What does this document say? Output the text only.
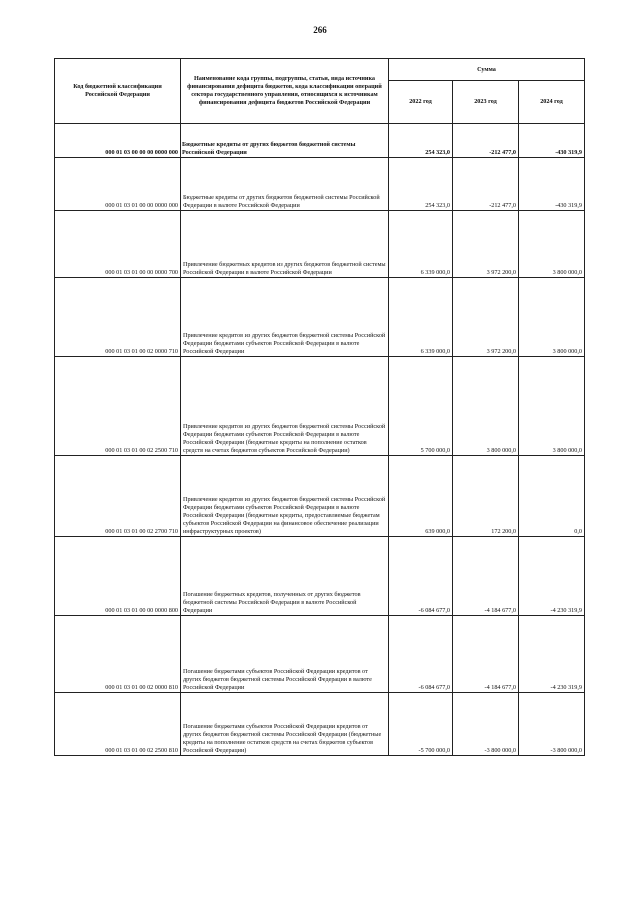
266
Код бюджетной классификации Российской Федерации	Наименование кода группы, подгруппы, статьи, вида источника финансирования дефицита бюджетов, кода классификации операций сектора государственного управления, относящихся к источникам финансирования дефицита бюджетов Российской Федерации	Сумма		
		2022 год	2023 год	2024 год
000 01 03 00 00 00 0000 000	Бюджетные кредиты от других бюджетов бюджетной системы Российской Федерации	254 323,0	-212 477,0	-430 319,9
000 01 03 01 00 00 0000 000	Бюджетные кредиты от других бюджетов бюджетной системы Российской Федерации в валюте Российской Федерации	254 323,0	-212 477,0	-430 319,9
000 01 03 01 00 00 0000 700	Привлечение бюджетных кредитов из других бюджетов бюджетной системы Российской Федерации в валюте Российской Федерации	6 339 000,0	3 972 200,0	3 800 000,0
000 01 03 01 00 02 0000 710	Привлечение кредитов из других бюджетов бюджетной системы Российской Федерации бюджетами субъектов Российской Федерации в валюте Российской Федерации	6 339 000,0	3 972 200,0	3 800 000,0
000 01 03 01 00 02 2500 710	Привлечение кредитов из других бюджетов бюджетной системы Российской Федерации бюджетами субъектов Российской Федерации в валюте Российской Федерации (бюджетные кредиты на пополнение остатков средств на счетах бюджетов субъектов Российской Федерации)	5 700 000,0	3 800 000,0	3 800 000,0
000 01 03 01 00 02 2700 710	Привлечение кредитов из других бюджетов бюджетной системы Российской Федерации бюджетами субъектов Российской Федерации в валюте Российской Федерации (бюджетные кредиты, предоставляемые бюджетам субъектов Российской Федерации на финансовое обеспечение реализации инфраструктурных проектов)	639 000,0	172 200,0	0,0
000 01 03 01 00 00 0000 800	Погашение бюджетных кредитов, полученных от других бюджетов бюджетной системы Российской Федерации в валюте Российской Федерации	-6 084 677,0	-4 184 677,0	-4 230 319,9
000 01 03 01 00 02 0000 810	Погашение бюджетами субъектов Российской Федерации кредитов от других бюджетов бюджетной системы Российской Федерации в валюте Российской Федерации	-6 084 677,0	-4 184 677,0	-4 230 319,9
000 01 03 01 00 02 2500 810	Погашение бюджетами субъектов Российской Федерации кредитов от других бюджетов бюджетной системы Российской Федерации (бюджетные кредиты на пополнение остатков средств на счетах бюджетов субъектов Российской Федерации)	-5 700 000,0	-3 800 000,0	-3 800 000,0
